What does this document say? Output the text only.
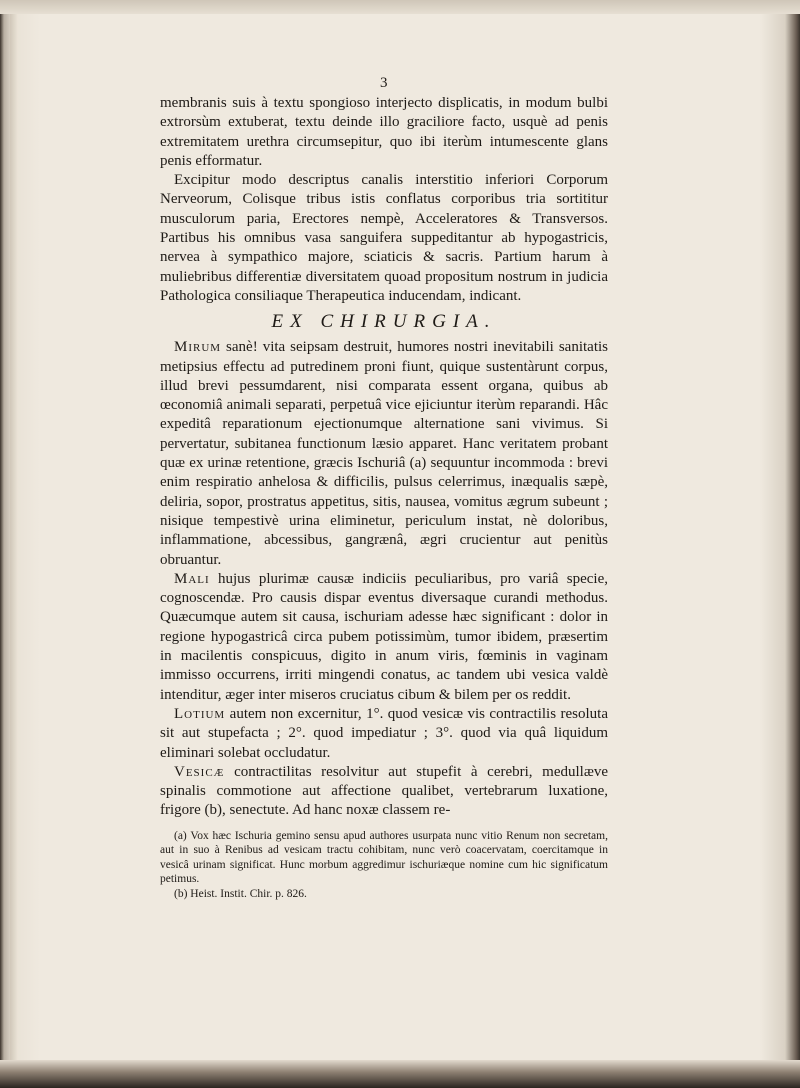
3

membranis suis à textu spongioso interjecto displicatis, in modum bulbi extrorsùm extuberat, textu deinde illo graciliore facto, usquè ad penis extremitatem urethra circumsepitur, quo ibi iterùm intumescente glans penis efformatur.

Excipitur modo descriptus canalis interstitio inferiori Corporum Nerveorum, Colisque tribus istis conflatus corporibus tria sortititur musculorum paria, Erectores nempè, Acceleratores & Transversos. Partibus his omnibus vasa sanguifera suppeditantur ab hypogastricis, nervea à sympathico majore, sciaticis & sacris. Partium harum à muliebribus differentiæ diversitatem quoad propositum nostrum in judicia Pathologica consiliaque Therapeutica inducendam, indicant.

EX CHIRURGIA.

Mirum sanè! vita seipsam destruit, humores nostri inevitabili sanitatis metipsius effectu ad putredinem proni fiunt, quique sustentàrunt corpus, illud brevi pessumdarent, nisi comparata essent organa, quibus ab œconomiâ animali separati, perpetuâ vice ejiciuntur iterùm reparandi. Hâc expeditâ reparationum ejectionumque alternatione sani vivimus. Si pervertatur, subitanea functionum læsio apparet. Hanc veritatem probant quæ ex urinæ retentione, græcis Ischuriâ (a) sequuntur incommoda : brevi enim respiratio anhelosa & difficilis, pulsus celerrimus, inæqualis sæpè, deliria, sopor, prostratus appetitus, sitis, nausea, vomitus ægrum subeunt ; nisique tempestivè urina eliminetur, periculum instat, nè doloribus, inflammatione, abcessibus, gangrænâ, ægri crucientur aut penitùs obruantur.

Mali hujus plurimæ causæ indiciis peculiaribus, pro variâ specie, cognoscendæ. Pro causis dispar eventus diversaque curandi methodus. Quæcumque autem sit causa, ischuriam adesse hæc significant : dolor in regione hypogastricâ circa pubem potissimùm, tumor ibidem, præsertim in macilentis conspicuus, digito in anum viris, fœminis in vaginam immisso occurrens, irriti mingendi conatus, ac tandem ubi vesica valdè intenditur, æger inter miseros cruciatus cibum & bilem per os reddit.

Lotium autem non excernitur, 1°. quod vesicæ vis contractilis resoluta sit aut stupefacta ; 2°. quod impediatur ; 3°. quod via quâ liquidum eliminari solebat occludatur.

Vesicæ contractilitas resolvitur aut stupefit à cerebri, medullæve spinalis commotione aut affectione qualibet, vertebrarum luxatione, frigore (b), senectute. Ad hanc noxæ classem re-

(a) Vox hæc Ischuria gemino sensu apud authores usurpata nunc vitio Renum non secretam, aut in suo à Renibus ad vesicam tractu cohibitam, nunc verò coacervatam, coercitamque in vesicâ urinam significat. Hunc morbum aggredimur ischuriæque nomine cum hic significatum petimus.

(b) Heist. Instit. Chir. p. 826.
